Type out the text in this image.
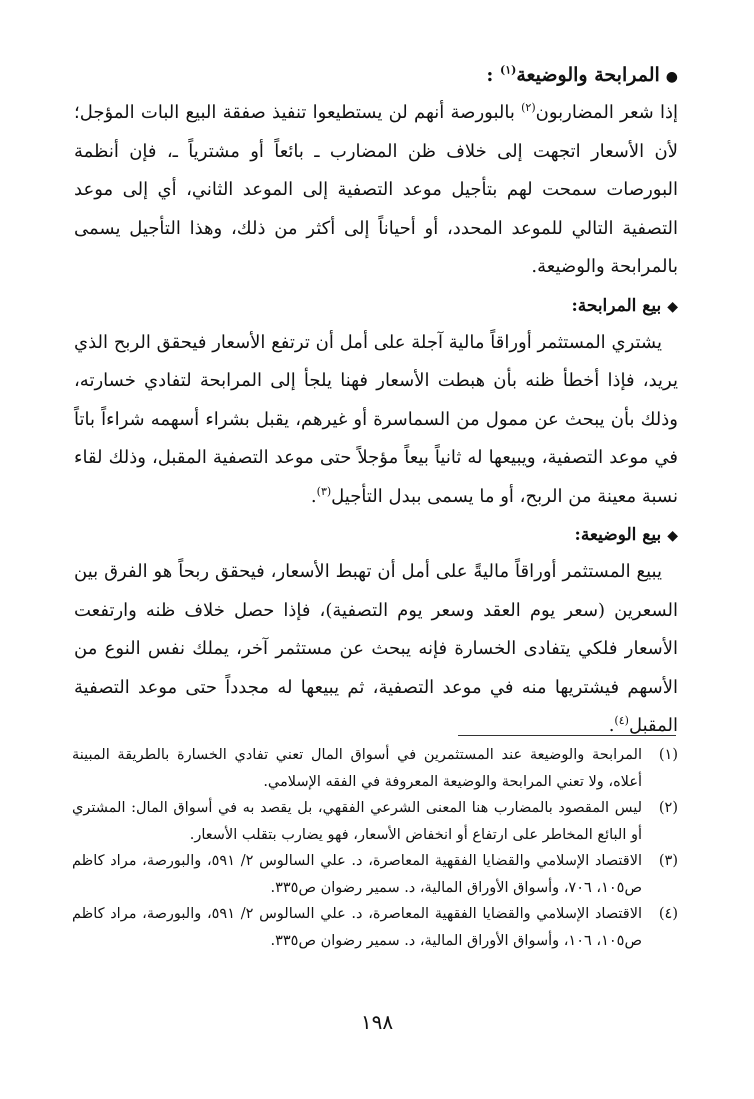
●المرابحة والوضيعة$^{(١)}$ :

إذا شعر المضاربون$^{(٢)}$ بالبورصة أنهم لن يستطيعوا تنفيذ صفقة البيع البات المؤجل؛ لأن الأسعار اتجهت إلى خلاف ظن المضارب ـ بائعاً أو مشترياً ـ، فإن أنظمة البورصات سمحت لهم بتأجيل موعد التصفية إلى الموعد الثاني، أي إلى موعد التصفية التالي للموعد المحدد، أو أحياناً إلى أكثر من ذلك، وهذا التأجيل يسمى بالمرابحة والوضيعة.

◆بيع المرابحة:

يشتري المستثمر أوراقاً مالية آجلة على أمل أن ترتفع الأسعار فيحقق الربح الذي يريد، فإذا أخطأ ظنه بأن هبطت الأسعار فهنا يلجأ إلى المرابحة لتفادي خسارته، وذلك بأن يبحث عن ممول من السماسرة أو غيرهم، يقبل بشراء أسهمه شراءاً باتاً في موعد التصفية، ويبيعها له ثانياً بيعاً مؤجلاً حتى موعد التصفية المقبل، وذلك لقاء نسبة معينة من الربح، أو ما يسمى ببدل التأجيل$^{(٣)}$.

◆بيع الوضيعة:

يبيع المستثمر أوراقاً ماليةً على أمل أن تهبط الأسعار، فيحقق ربحاً هو الفرق بين السعرين (سعر يوم العقد وسعر يوم التصفية)، فإذا حصل خلاف ظنه وارتفعت الأسعار فلكي يتفادى الخسارة فإنه يبحث عن مستثمر آخر، يملك نفس النوع من الأسهم فيشتريها منه في موعد التصفية، ثم يبيعها له مجدداً حتى موعد التصفية المقبل$^{(٤)}$.

(١)
المرابحة والوضيعة عند المستثمرين في أسواق المال تعني تفادي الخسارة بالطريقة المبينة أعلاه، ولا تعني المرابحة والوضيعة المعروفة في الفقه الإسلامي.
(٢)
ليس المقصود بالمضارب هنا المعنى الشرعي الفقهي، بل يقصد به في أسواق المال: المشتري أو البائع المخاطر على ارتفاع أو انخفاض الأسعار، فهو يضارب بتقلب الأسعار.
(٣)
الاقتصاد الإسلامي والقضايا الفقهية المعاصرة، د. علي السالوس ٢/ ٥٩١، والبورصة، مراد كاظم ص١٠٥، ٧٠٦، وأسواق الأوراق المالية، د. سمير رضوان ص٣٣٥.
(٤)
الاقتصاد الإسلامي والقضايا الفقهية المعاصرة، د. علي السالوس ٢/ ٥٩١، والبورصة، مراد كاظم ص١٠٥، ١٠٦، وأسواق الأوراق المالية، د. سمير رضوان ص٣٣٥.
١٩٨
